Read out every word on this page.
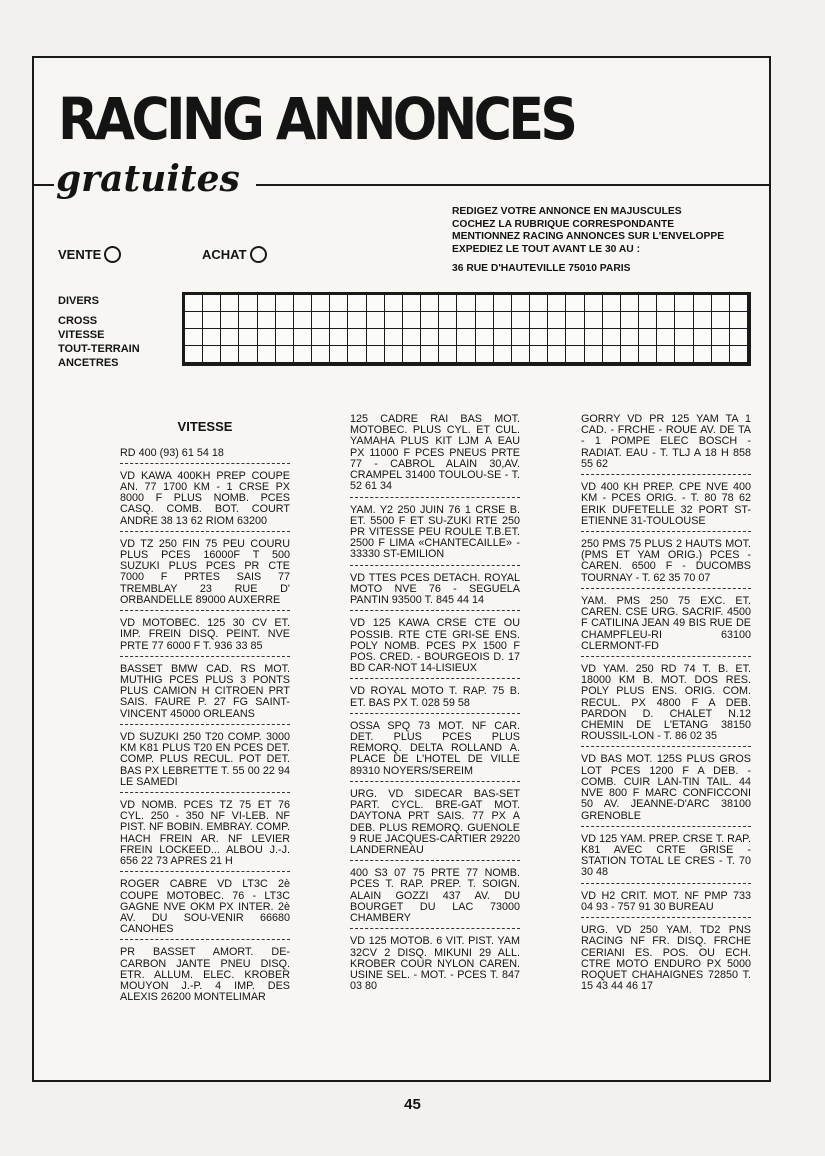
RACING ANNONCES
gratuites
REDIGEZ VOTRE ANNONCE EN MAJUSCULES
COCHEZ LA RUBRIQUE CORRESPONDANTE
MENTIONNEZ RACING ANNONCES SUR L'ENVELOPPE
EXPEDIEZ LE TOUT AVANT LE 30 AU :
36 RUE D'HAUTEVILLE 75010 PARIS
VENTE	ACHAT
DIVERS
CROSS
VITESSE
TOUT-TERRAIN
ANCETRES
VITESSE
RD 400 (93) 61 54 18
VD KAWA 400KH PREP COUPE AN. 77 1700 KM - 1 CRSE PX 8000 F PLUS NOMB. PCES CASQ. COMB. BOT. COURT ANDRE 38 13 62 RIOM 63200
VD TZ 250 FIN 75 PEU COURU PLUS PCES 16000F T 500 SUZUKI PLUS PCES PR CTE 7000 F PRTES SAIS 77 TREMBLAY 23 RUE D' ORBANDELLE 89000 AUXERRE
VD MOTOBEC. 125 30 CV ET. IMP. FREIN DISQ. PEINT. NVE PRTE 77 6000 F T. 936 33 85
BASSET BMW CAD. RS MOT. MUTHIG PCES PLUS 3 PONTS PLUS CAMION H CITROEN PRT SAIS. FAURE P. 27 FG SAINT-VINCENT 45000 ORLEANS
VD SUZUKI 250 T20 COMP. 3000 KM K81 PLUS T20 EN PCES DET. COMP. PLUS RECUL. POT DET. BAS PX LEBRETTE T. 55 00 22 94 LE SAMEDI
VD NOMB. PCES TZ 75 ET 76 CYL. 250 - 350 NF VI-LEB. NF PIST. NF BOBIN. EMBRAY. COMP. HACH FREIN AR. NF LEVIER FREIN LOCKEED... ALBOU J.-J. 656 22 73 APRES 21 H
ROGER CABRE VD LT3C 2è COUPE MOTOBEC. 76 - LT3C GAGNE NVE OKM PX INTER. 2è AV. DU SOU-VENIR 66680 CANOHES
PR BASSET AMORT. DE-CARBON JANTE PNEU DISQ. ETR. ALLUM. ELEC. KROBER MOUYON J.-P. 4 IMP. DES ALEXIS 26200 MONTELIMAR
125 CADRE RAI BAS MOT. MOTOBEC. PLUS CYL. ET CUL. YAMAHA PLUS KIT LJM A EAU PX 11000 F PCES PNEUS PRTE 77 - CABROL ALAIN 30,AV. CRAMPEL 31400 TOULOU-SE - T. 52 61 34
YAM. Y2 250 JUIN 76 1 CRSE B. ET. 5500 F ET SU-ZUKI RTE 250 PR VITESSE PEU ROULE T.B.ET. 2500 F LIMA «CHANTECAILLE» - 33330 ST-EMILION
VD TTES PCES DETACH. ROYAL MOTO NVE 76 - SEGUELA PANTIN 93500 T. 845 44 14
VD 125 KAWA CRSE CTE OU POSSIB. RTE CTE GRI-SE ENS. POLY NOMB. PCES PX 1500 F POS. CRED. - BOURGEOIS D. 17 BD CAR-NOT 14-LISIEUX
VD ROYAL MOTO T. RAP. 75 B. ET. BAS PX T. 028 59 58
OSSA SPQ 73 MOT. NF CAR. DET. PLUS PCES PLUS REMORQ. DELTA ROLLAND A. PLACE DE L'HOTEL DE VILLE 89310 NOYERS/SEREIM
URG. VD SIDECAR BAS-SET PART. CYCL. BRE-GAT MOT. DAYTONA PRT SAIS. 77 PX A DEB. PLUS REMORQ. GUENOLE 9 RUE JACQUES-CARTIER 29220 LANDERNEAU
400 S3 07 75 PRTE 77 NOMB. PCES T. RAP. PREP. T. SOIGN. ALAIN GOZZI 437 AV. DU BOURGET DU LAC 73000 CHAMBERY
VD 125 MOTOB. 6 VIT. PIST. YAM 32CV 2 DISQ. MIKUNI 29 ALL. KROBER COUR NYLON CAREN. USINE SEL. - MOT. - PCES T. 847 03 80
GORRY VD PR 125 YAM TA 1 CAD. - FRCHE - ROUE AV. DE TA - 1 POMPE ELEC BOSCH - RADIAT. EAU - T. TLJ A 18 H 858 55 62
VD 400 KH PREP. CPE NVE 400 KM - PCES ORIG. - T. 80 78 62 ERIK DUFETELLE 32 PORT ST-ETIENNE 31-TOULOUSE
250 PMS 75 PLUS 2 HAUTS MOT. (PMS ET YAM ORIG.) PCES - CAREN. 6500 F - DUCOMBS TOURNAY - T. 62 35 70 07
YAM. PMS 250 75 EXC. ET. CAREN. CSE URG. SACRIF. 4500 F CATILINA JEAN 49 BIS RUE DE CHAMPFLEU-RI 63100 CLERMONT-FD
VD YAM. 250 RD 74 T. B. ET. 18000 KM B. MOT. DOS RES. POLY PLUS ENS. ORIG. COM. RECUL. PX 4800 F A DEB. PARDON D. CHALET N.12 CHEMIN DE L'ETANG 38150 ROUSSIL-LON - T. 86 02 35
VD BAS MOT. 125S PLUS GROS LOT PCES 1200 F A DEB. - COMB. CUIR LAN-TIN TAIL. 44 NVE 800 F MARC CONFICCONI 50 AV. JEANNE-D'ARC 38100 GRENOBLE
VD 125 YAM. PREP. CRSE T. RAP. K81 AVEC CRTE GRISE - STATION TOTAL LE CRES - T. 70 30 48
VD H2 CRIT. MOT. NF PMP 733 04 93 - 757 91 30 BUREAU
URG. VD 250 YAM. TD2 PNS RACING NF FR. DISQ. FRCHE CERIANI ES. POS. OU ECH. CTRE MOTO ENDURO PX 5000 ROQUET CHAHAIGNES 72850 T. 15 43 44 46 17
45
